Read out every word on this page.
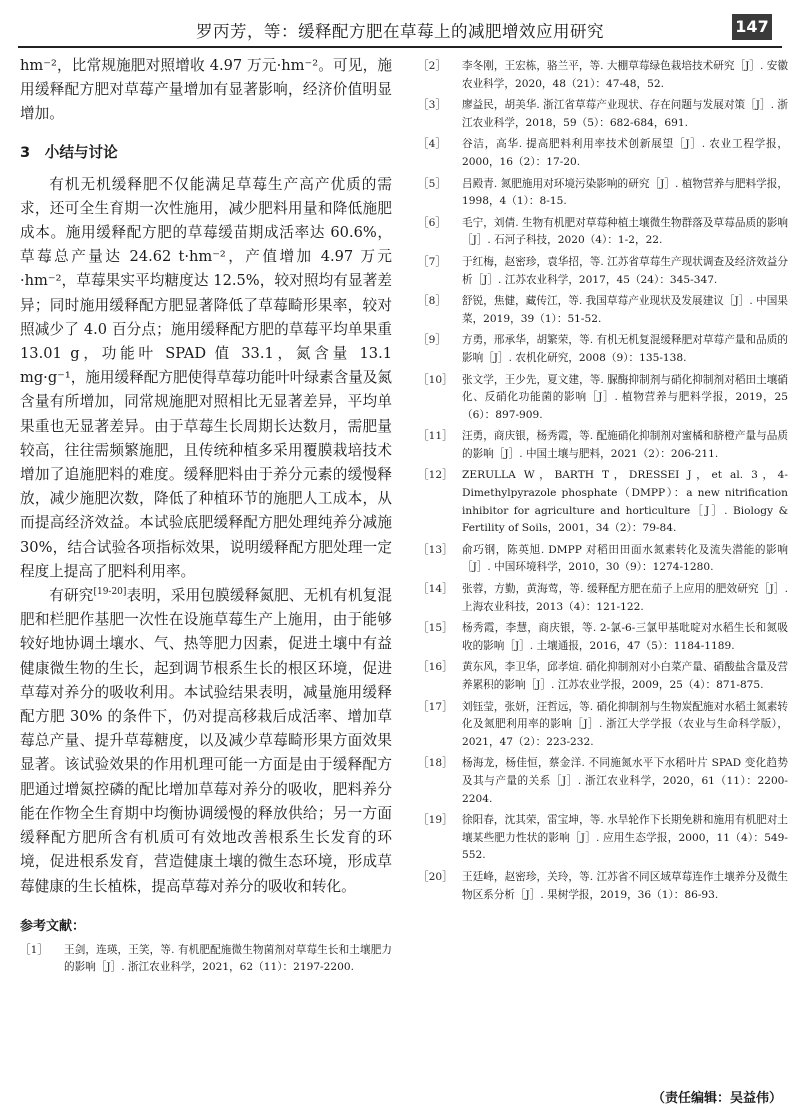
罗丙芳，等：缓释配方肥在草莓上的减肥增效应用研究	147

hm⁻²，比常规施肥对照增收 4.97 万元·hm⁻²。可见，施用缓释配方肥对草莓产量增加有显著影响，经济价值明显增加。

3　小结与讨论

有机无机缓释肥不仅能满足草莓生产高产优质的需求，还可全生育期一次性施用，减少肥料用量和降低施肥成本。施用缓释配方肥的草莓缓苗期成活率达 60.6%，草莓总产量达 24.62 t·hm⁻²，产值增加 4.97 万元·hm⁻²，草莓果实平均糖度达 12.5%，较对照均有显著差异；同时施用缓释配方肥显著降低了草莓畸形果率，较对照减少了 4.0 百分点；施用缓释配方肥的草莓平均单果重 13.01 g，功能叶 SPAD 值 33.1，氮含量 13.1 mg·g⁻¹，施用缓释配方肥使得草莓功能叶叶绿素含量及氮含量有所增加，同常规施肥对照相比无显著差异，平均单果重也无显著差异。由于草莓生长周期长达数月，需肥量较高，往往需频繁施肥，且传统种植多采用覆膜栽培技术增加了追施肥料的难度。缓释肥料由于养分元素的缓慢释放，减少施肥次数，降低了种植环节的施肥人工成本，从而提高经济效益。本试验底肥缓释配方肥处理纯养分减施 30%，结合试验各项指标效果，说明缓释配方肥处理一定程度上提高了肥料利用率。

有研究[19-20]表明，采用包膜缓释氮肥、无机有机复混肥和栏肥作基肥一次性在设施草莓生产上施用，由于能够较好地协调土壤水、气、热等肥力因素，促进土壤中有益健康微生物的生长，起到调节根系生长的根区环境，促进草莓对养分的吸收利用。本试验结果表明，减量施用缓释配方肥 30% 的条件下，仍对提高移栽后成活率、增加草莓总产量、提升草莓糖度，以及减少草莓畸形果方面效果显著。该试验效果的作用机理可能一方面是由于缓释配方肥通过增氮控磷的配比增加草莓对养分的吸收，肥料养分能在作物全生育期中均衡协调缓慢的释放供给；另一方面缓释配方肥所含有机质可有效地改善根系生长发育的环境，促进根系发育，营造健康土壤的微生态环境，形成草莓健康的生长植株，提高草莓对养分的吸收和转化。

参考文献：
［1］	王剑，连瑛，王笑，等. 有机肥配施微生物菌剂对草莓生长和土壤肥力的影响［J］. 浙江农业科学，2021，62（11）：2197-2200.
［2］	李冬刚，王宏栋，骆兰平，等. 大棚草莓绿色栽培技术研究［J］. 安徽农业科学，2020，48（21）：47-48，52.
［3］	廖益民，胡美华. 浙江省草莓产业现状、存在问题与发展对策［J］. 浙江农业科学，2018，59（5）：682-684，691.
［4］	谷洁，高华. 提高肥料利用率技术创新展望［J］. 农业工程学报，2000，16（2）：17-20.
［5］	吕殿青. 氮肥施用对环境污染影响的研究［J］. 植物营养与肥料学报，1998，4（1）：8-15.
［6］	毛宁，刘倩. 生物有机肥对草莓种植土壤微生物群落及草莓品质的影响［J］. 石河子科技，2020（4）：1-2，22.
［7］	于红梅，赵密珍，袁华招，等. 江苏省草莓生产现状调查及经济效益分析［J］. 江苏农业科学，2017，45（24）：345-347.
［8］	舒锐，焦健，藏传江，等. 我国草莓产业现状及发展建议［J］. 中国果菜，2019，39（1）：51-52.
［9］	方勇，邢承华，胡繁荣，等. 有机无机复混缓释肥对草莓产量和品质的影响［J］. 农机化研究，2008（9）：135-138.
［10］ 张文学，王少先，夏文建，等. 脲酶抑制剂与硝化抑制剂对稻田土壤硝化、反硝化功能菌的影响［J］. 植物营养与肥料学报，2019，25（6）：897-909.
［11］ 汪勇，商庆银，杨秀霞，等. 配施硝化抑制剂对蜜橘和脐橙产量与品质的影响［J］. 中国土壤与肥料，2021（2）：206-211.
［12］ ZERULLA W，BARTH T，DRESSEI J，et al. 3，4-Dimethylpyrazole phosphate（DMPP）：a new nitrification inhibitor for agriculture and horticulture［J］. Biology & Fertility of Soils，2001，34（2）：79-84.
［13］ 俞巧钢，陈英旭. DMPP 对稻田田面水氮素转化及流失潜能的影响［J］. 中国环境科学，2010，30（9）：1274-1280.
［14］ 张蓉，方勤，黄海莺，等. 缓释配方肥在茄子上应用的肥效研究［J］. 上海农业科技，2013（4）：121-122.
［15］ 杨秀霞，李慧，商庆银，等. 2-氯-6-三氯甲基吡啶对水稻生长和氮吸收的影响［J］. 土壤通报，2016，47（5）：1184-1189.
［16］ 黄东风，李卫华，邱孝煊. 硝化抑制剂对小白菜产量、硝酸盐含量及营养累积的影响［J］. 江苏农业学报，2009，25（4）：871-875.
［17］ 刘钰莹，张妍，汪哲远，等. 硝化抑制剂与生物炭配施对水稻土氮素转化及氮肥利用率的影响［J］. 浙江大学学报（农业与生命科学版），2021，47（2）：223-232.
［18］ 杨海龙，杨佳恒，蔡金洋. 不同施氮水平下水稻叶片 SPAD 变化趋势及其与产量的关系［J］. 浙江农业科学，2020，61（11）：2200-2204.
［19］ 徐阳春，沈其荣，雷宝坤，等. 水旱轮作下长期免耕和施用有机肥对土壤某些肥力性状的影响［J］. 应用生态学报，2000，11（4）：549-552.
［20］ 王廷峰，赵密珍，关玲，等. 江苏省不同区域草莓连作土壤养分及微生物区系分析［J］. 果树学报，2019，36（1）：86-93.
（责任编辑：吴益伟）
